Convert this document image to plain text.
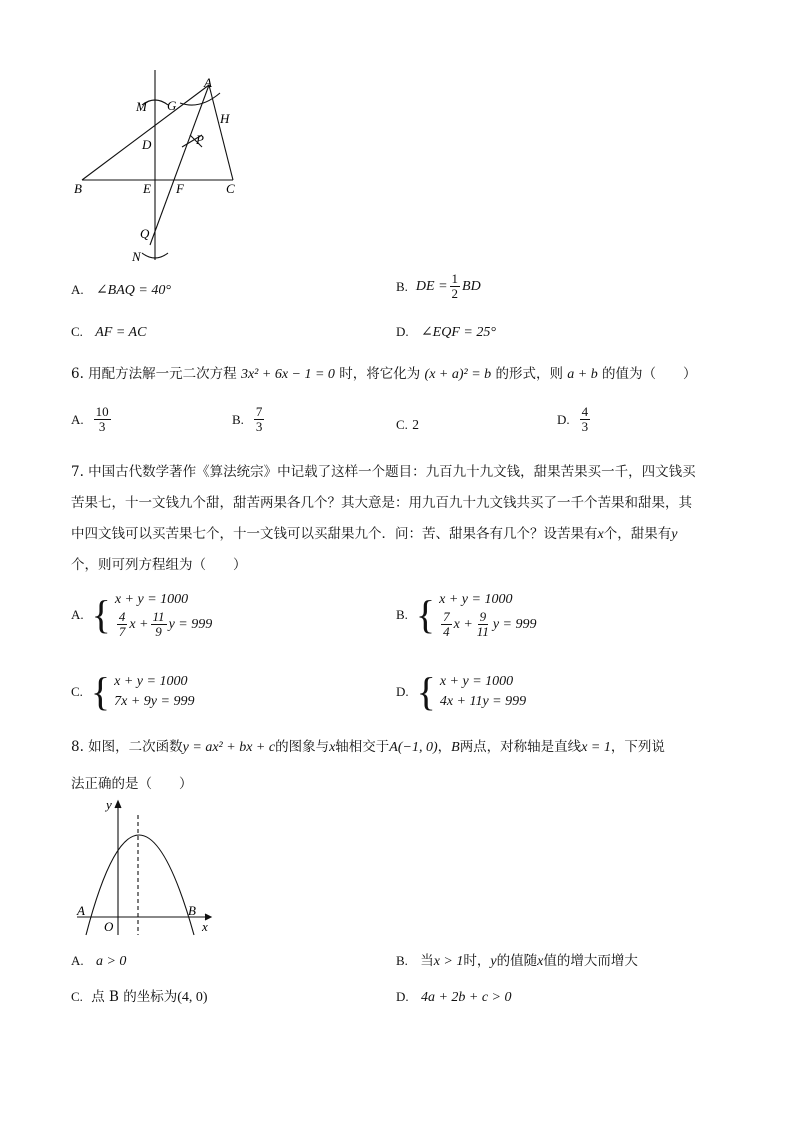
A
M G
H
D	P
B	E F	C
Q
N
A. ∠BAQ = 40°	B. DE = $\frac{1}{2}$ BD
C. AF = AC	D. ∠EQF = 25°
6. 用配方法解一元二次方程 3x² + 6x − 1 = 0 时，将它化为 (x + a)² = b 的形式，则 a + b 的值为（　　）
A. $\frac{10}{3}$	B. $\frac{7}{3}$	C. 2	D. $\frac{4}{3}$
7. 中国古代数学著作《算法统宗》中记载了这样一个题目：九百九十九文钱，甜果苦果买一千，四文钱买
苦果七，十一文钱九个甜，甜苦两果各几个？其大意是：用九百九十九文钱共买了一千个苦果和甜果，其
中四文钱可以买苦果七个，十一文钱可以买甜果九个．问：苦、甜果各有几个？设苦果有x个，甜果有y
个，则可列方程组为（　　）
A. { x + y = 1000
$\frac{4}{7}$ $x + \frac{11}{9}$ y = 999
B. { x + y = 1000
$\frac{7}{4}$ $x + \frac{9}{11}$ y = 999
C. { x + y = 1000
7x + 9y = 999
D. { x + y = 1000
4x + 11y = 999
8. 如图，二次函数y = ax² + bx + c的图象与x轴相交于A(−1, 0)，B两点，对称轴是直线x = 1，下列说
法正确的是（　　）
y
x
O
A	B
A. a > 0	B. 当x > 1时，y的值随x值的增大而增大
C. 点 B 的坐标为(4, 0)	D. 4a + 2b + c > 0
